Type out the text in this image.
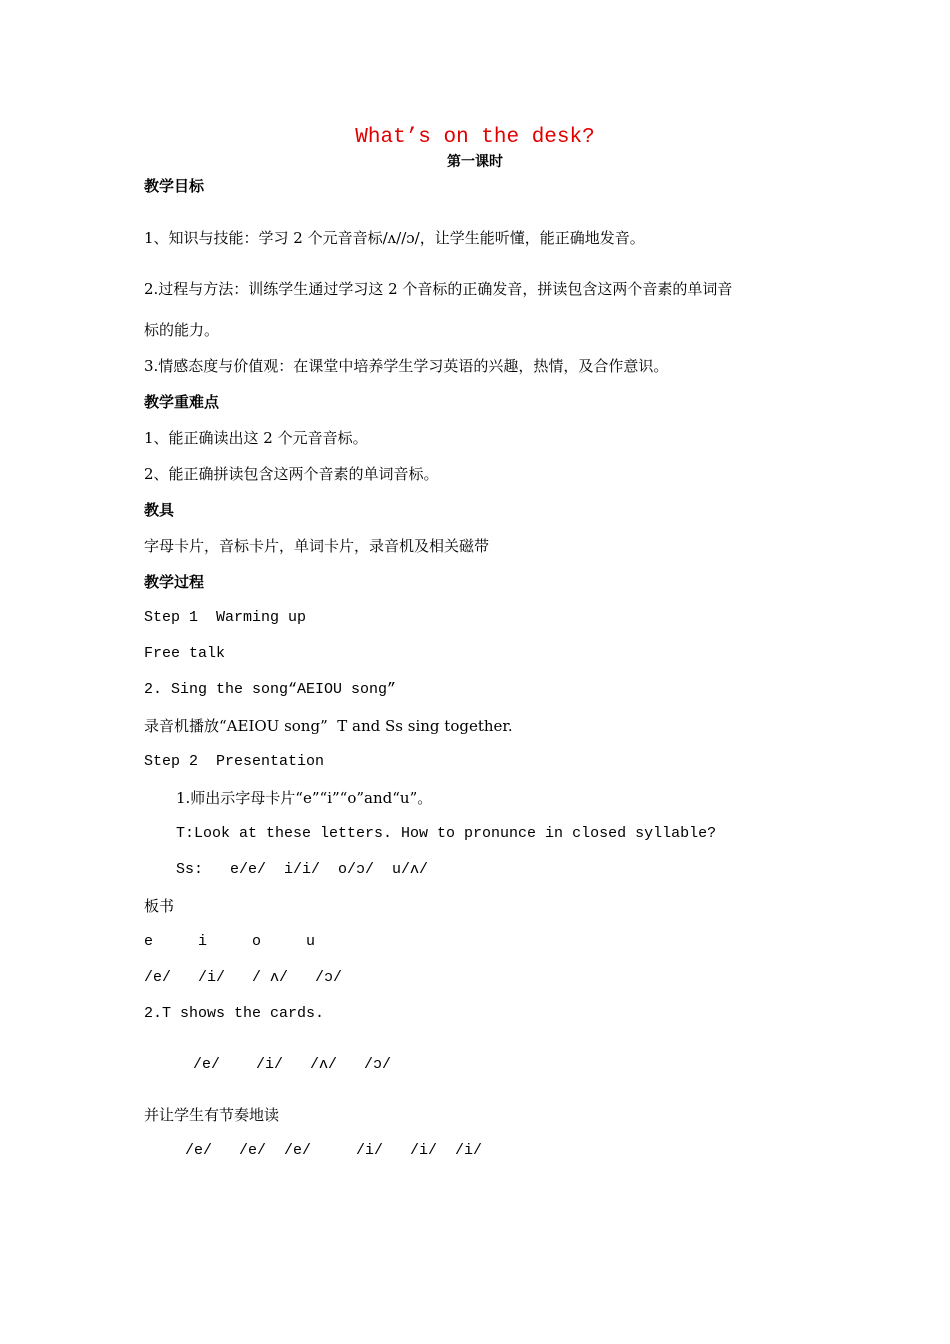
What’s on the desk?
第一课时
教学目标
1、知识与技能：学习 2 个元音音标/ʌ//ɔ/，让学生能听懂，能正确地发音。
2.过程与方法：训练学生通过学习这 2 个音标的正确发音，拼读包含这两个音素的单词音
标的能力。
3.情感态度与价值观：在课堂中培养学生学习英语的兴趣，热情，及合作意识。
教学重难点
1、能正确读出这 2 个元音音标。
2、能正确拼读包含这两个音素的单词音标。
教具
字母卡片，音标卡片，单词卡片，录音机及相关磁带
教学过程
Step 1  Warming up
Free talk
2. Sing the song“AEIOU song”
录音机播放“AEIOU song”  T and Ss sing together.
Step 2  Presentation
1.师出示字母卡片“e”“i”“o”and“u”。
T:Look at these letters. How to pronunce in closed syllable?
Ss:   e/e/  i/i/  o/ɔ/  u/ʌ/
板书
e     i     o     u
/e/   /i/   / ʌ/   /ɔ/
2.T shows the cards.
/e/    /i/   /ʌ/   /ɔ/
并让学生有节奏地读
/e/   /e/  /e/     /i/   /i/  /i/
